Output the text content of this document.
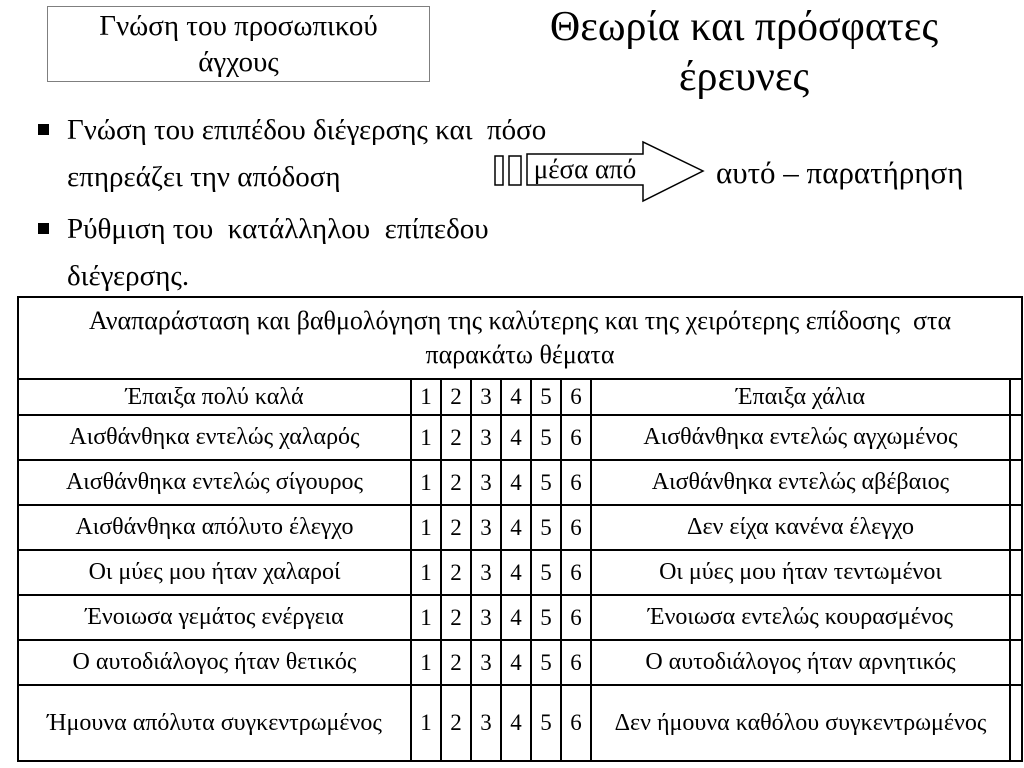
Γνώση του προσωπικού
άγχους
Θεωρία και πρόσφατες
έρευνες
Γνώση του επιπέδου διέγερσης και  πόσο
επηρεάζει την απόδοση
Ρύθμιση του  κατάλληλου  επίπεδου
διέγερσης.
μέσα από	αυτό – παρατήρηση
Αναπαράσταση και βαθμολόγηση της καλύτερης και της χειρότερης επίδοσης  στα
παρακάτω θέματα								

Έπαιξα πολύ καλά	1	2	3	4	5	6	Έπαιξα χάλια	
Αισθάνθηκα εντελώς χαλαρός	1	2	3	4	5	6	Αισθάνθηκα εντελώς αγχωμένος	
Αισθάνθηκα εντελώς σίγουρος	1	2	3	4	5	6	Αισθάνθηκα εντελώς αβέβαιος	
Αισθάνθηκα απόλυτο έλεγχο	1	2	3	4	5	6	Δεν είχα κανένα έλεγχο	
Οι μύες μου ήταν χαλαροί	1	2	3	4	5	6	Οι μύες μου ήταν τεντωμένοι	
Ένοιωσα γεμάτος ενέργεια	1	2	3	4	5	6	Ένοιωσα εντελώς κουρασμένος	
Ο αυτοδιάλογος ήταν θετικός	1	2	3	4	5	6	Ο αυτοδιάλογος ήταν αρνητικός	
Ήμουνα απόλυτα συγκεντρωμένος	1	2	3	4	5	6	Δεν ήμουνα καθόλου συγκεντρωμένος	
